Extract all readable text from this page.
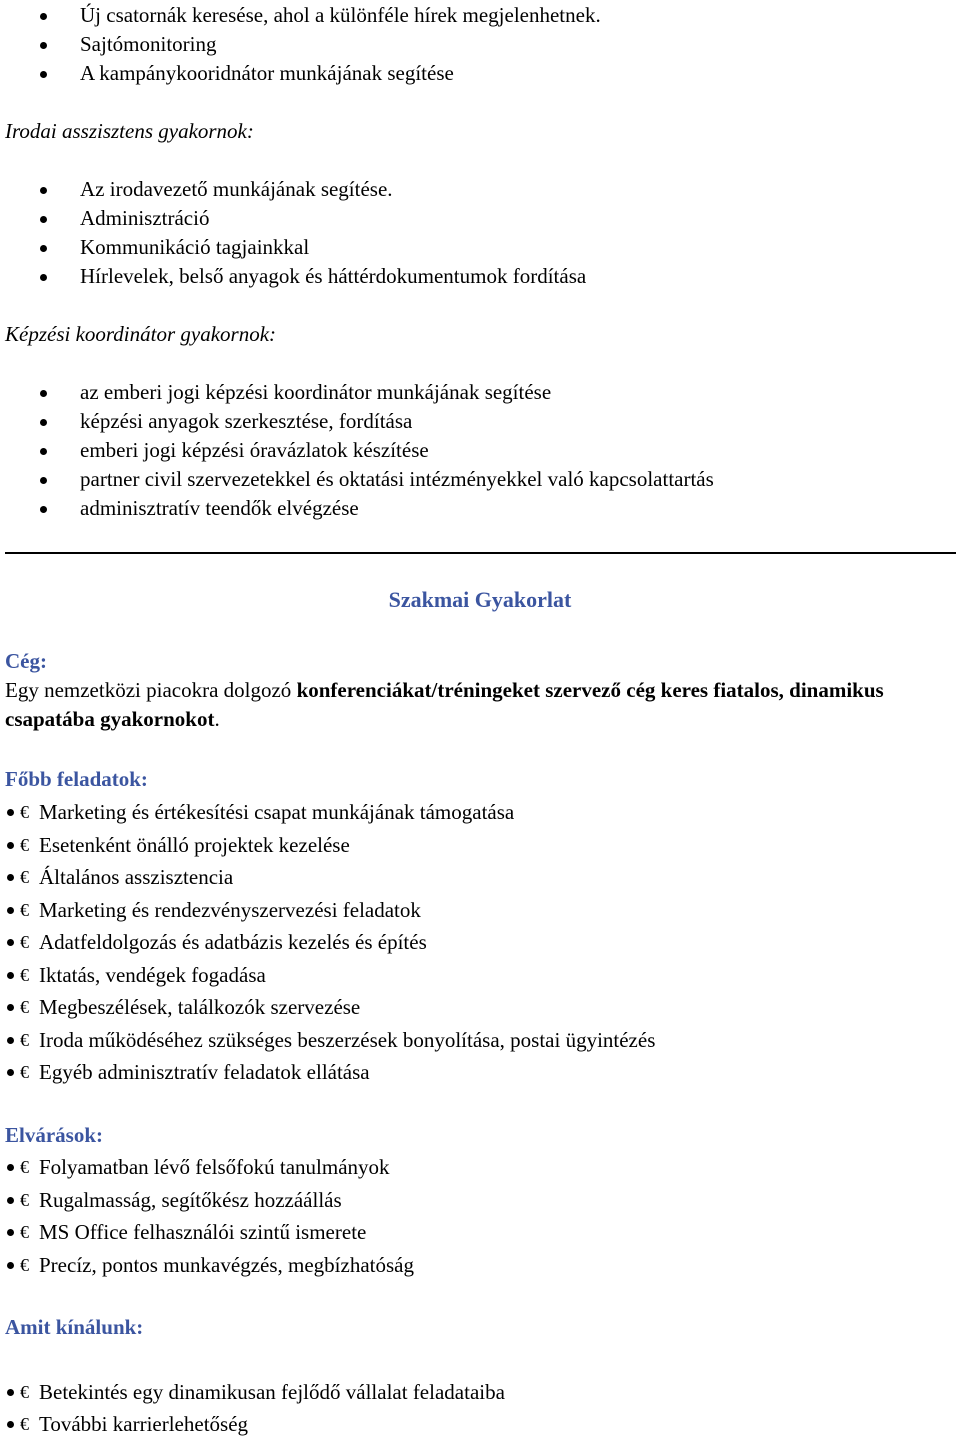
Új csatornák keresése, ahol a különféle hírek megjelenhetnek.
Sajtómonitoring
A kampánykooridnátor munkájának segítése
Irodai asszisztens gyakornok:
Az irodavezető munkájának segítése.
Adminisztráció
Kommunikáció tagjainkkal
Hírlevelek, belső anyagok és háttérdokumentumok fordítása
Képzési koordinátor gyakornok:
az emberi jogi képzési koordinátor munkájának segítése
képzési anyagok szerkesztése, fordítása
emberi jogi képzési óravázlatok készítése
partner civil szervezetekkel és oktatási intézményekkel való kapcsolattartás
adminisztratív teendők elvégzése
Szakmai Gyakorlat
Cég:
Egy nemzetközi piacokra dolgozó konferenciákat/tréningeket szervező cég keres fiatalos, dinamikus csapatába gyakornokot.
Főbb feladatok:
€ Marketing és értékesítési csapat munkájának támogatása
€ Esetenként önálló projektek kezelése
€ Általános asszisztencia
€ Marketing és rendezvényszervezési feladatok
€ Adatfeldolgozás és adatbázis kezelés és építés
€ Iktatás, vendégek fogadása
€ Megbeszélések, találkozók szervezése
€ Iroda működéséhez szükséges beszerzések bonyolítása, postai ügyintézés
€ Egyéb adminisztratív feladatok ellátása
Elvárások:
€ Folyamatban lévő felsőfokú tanulmányok
€ Rugalmasság, segítőkész hozzáállás
€ MS Office felhasználói szintű ismerete
€ Precíz, pontos munkavégzés, megbízhatóság
Amit kínálunk:
€ Betekintés egy dinamikusan fejlődő vállalat feladataiba
€ További karrierlehetőség
